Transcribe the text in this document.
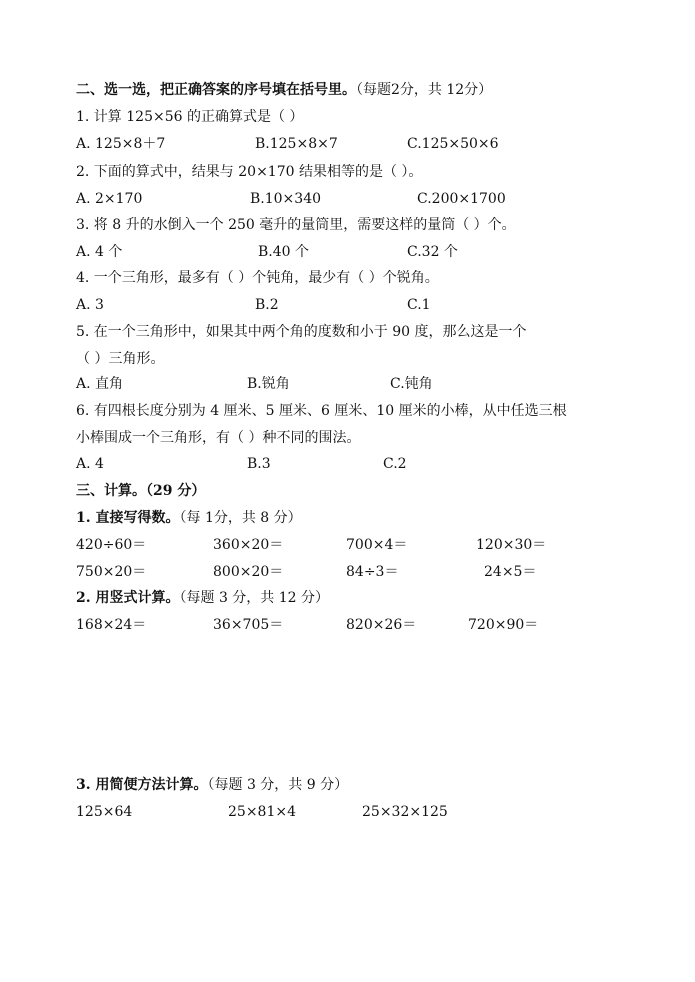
二、选一选，把正确答案的序号填在括号里。（每题2分，共 12分）
1. 计算 125×56 的正确算式是（ ）
A. 125×8＋7	B.125×8×7	C.125×50×6
2. 下面的算式中，结果与 20×170 结果相等的是（ ）。
A. 2×170	B.10×340	C.200×1700
3. 将 8 升的水倒入一个 250 毫升的量筒里，需要这样的量筒（ ）个。
A. 4 个	B.40 个	C.32 个
4. 一个三角形，最多有（ ）个钝角，最少有（ ）个锐角。
A. 3	B.2	C.1
5. 在一个三角形中，如果其中两个角的度数和小于 90 度，那么这是一个
（ ）三角形。
A. 直角	B.锐角	C.钝角
6. 有四根长度分别为 4 厘米、5 厘米、6 厘米、10 厘米的小棒，从中任选三根
小棒围成一个三角形，有（ ）种不同的围法。
A. 4	B.3	C.2
三、计算。（29 分）
1. 直接写得数。（每 1分，共 8 分）
420÷60＝	360×20＝	700×4＝	120×30＝
750×20＝	800×20＝	84÷3＝	24×5＝
2. 用竖式计算。（每题 3 分，共 12 分）
168×24＝	36×705＝	820×26＝	720×90＝
3. 用简便方法计算。（每题 3 分，共 9 分）
125×64	25×81×4	25×32×125
